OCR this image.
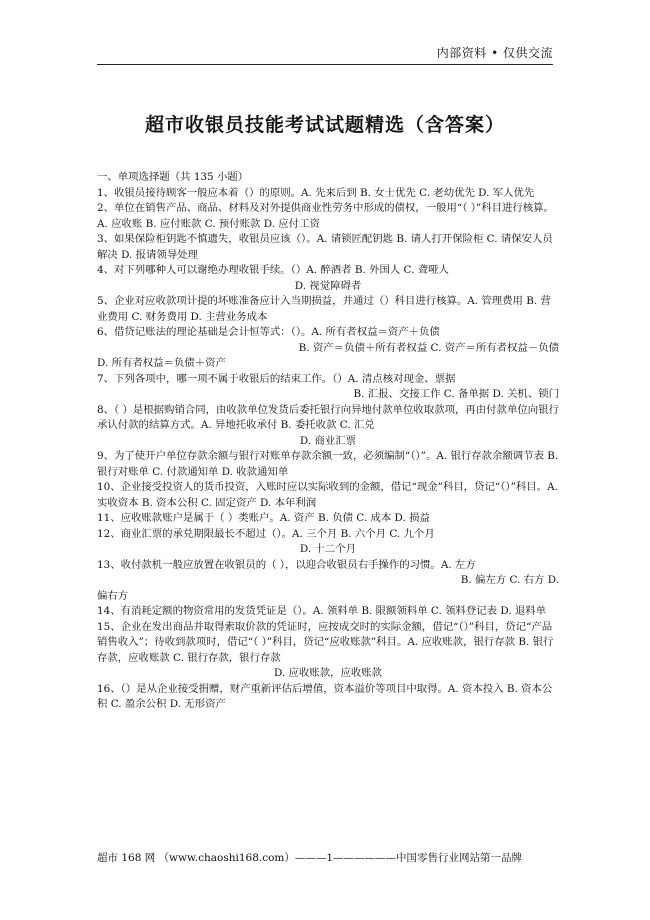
内部资料 • 仅供交流
超市收银员技能考试试题精选（含答案）

一、单项选择题（共 135 小题）

1、收银员接待顾客一般应本着（）的原则。A. 先来后到 B. 女士优先 C. 老幼优先 D. 军人优先

2、单位在销售产品、商品、材料及对外提供商业性劳务中形成的债权，一般用“（ ）”科目进行核算。A. 应收账 B. 应付账款 C. 预付账款 D. 应付工资

3、如果保险柜钥匙不慎遗失，收银员应该（）。A. 请锁匠配钥匙 B. 请人打开保险柜 C. 请保安人员解决 D. 报请领导处理

4、对下列哪种人可以谢绝办理收银手续。（）A. 醉酒者 B. 外国人 C. 聋哑人
D. 视觉障碍者

5、企业对应收款项计提的坏账准备应计入当期损益，并通过（）科目进行核算。A. 管理费用 B. 营业费用 C. 财务费用 D. 主营业务成本

6、借贷记账法的理论基础是会计恒等式：（）。A. 所有者权益＝资产＋负债
B. 资产＝负债＋所有者权益 C. 资产＝所有者权益－负债
D. 所有者权益＝负债＋资产

7、下列各项中，哪一项不属于收银后的结束工作。（）A. 清点核对现金、票据
B. 汇报、交接工作 C. 备单据 D. 关机、锁门

8、（ ）是根据购销合同，由收款单位发货后委托银行向异地付款单位收取款项，再由付款单位向银行承认付款的结算方式。A. 异地托收承付 B. 委托收款 C. 汇兑
D. 商业汇票

9、为了使开户单位存款余额与银行对账单存款余额一致，必须编制“（）”。A. 银行存款余额调节表 B. 银行对账单 C. 付款通知单 D. 收款通知单

10、企业接受投资人的货币投资，入账时应以实际收到的金额，借记“现金”科目，贷记“（）”科目。A. 实收资本 B. 资本公积 C. 固定资产 D. 本年利润

11、应收账款账户是属于（ ）类账户。A. 资产 B. 负债 C. 成本 D. 损益

12、商业汇票的承兑期限最长不超过（）。A. 三个月 B. 六个月 C. 九个月
D. 十二个月

13、收付款机一般应放置在收银员的（ ），以迎合收银员右手操作的习惯。A. 左方
B. 偏左方 C. 右方 D.
偏右方

14、有消耗定额的物资常用的发货凭证是（）。A. 领料单 B. 限额领料单 C. 领料登记表 D. 退料单

15、企业在发出商品并取得索取价款的凭证时，应按成交时的实际金额，借记“（）”科目，贷记“产品销售收入”；待收到款项时，借记“（ ）”科目，贷记“应收账款”科目。A. 应收账款，银行存款 B. 银行存款，应收账款 C. 银行存款，银行存款
D. 应收账款，应收账款

16、（）是从企业接受捐赠，财产重新评估后增值，资本溢价等项目中取得。A. 资本投入 B. 资本公积 C. 盈余公积 D. 无形资产

超市 168 网 （www.chaoshi168.com）———1——————中国零售行业网站第一品牌
